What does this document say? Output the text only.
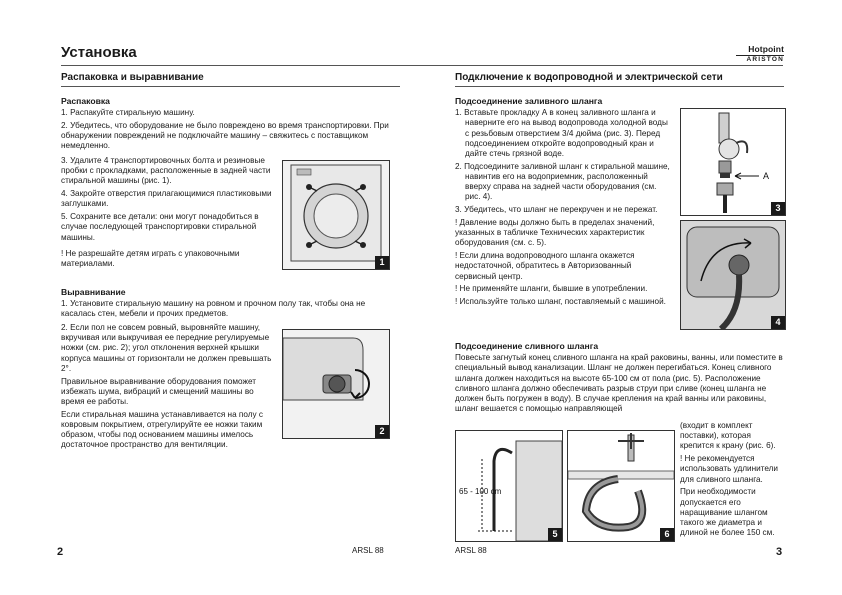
Установка	Hotpoint
ARISTON
Распаковка и выравнивание
Распаковка

1. Распакуйте стиральную машину.

2. Убедитесь, что оборудование не было повреждено во время транспортировки. При обнаружении повреждений не подключайте машину – свяжитесь с поставщиком немедленно.

3. Удалите 4 транспортировочных болта и резиновые пробки с прокладками, расположенные в задней части стиральной машины (рис. 1).

4. Закройте отверстия прилагающимися пластиковыми заглушками.

5. Сохраните все детали: они могут понадобиться в случае последующей транспортировки стиральной машины.

! Не разрешайте детям играть с упаковочными материалами.	1
Выравнивание

1. Установите стиральную машину на ровном и прочном полу так, чтобы она не касалась стен, мебели и прочих предметов.

2. Если пол не совсем ровный, выровняйте машину, вкручивая или выкручивая ее передние регулируемые ножки (см. рис. 2); угол отклонения верхней крышки корпуса машины от горизонтали не должен превышать 2°.

Правильное выравнивание оборудования поможет избежать шума, вибраций и смещений машины во время ее работы.

Если стиральная машина устанавливается на полу с ковровым покрытием, отрегулируйте ее ножки таким образом, чтобы под основанием машины имелось достаточное пространство для вентиляции.

2
2	ARSL 88
Подключение к водопроводной и электрической сети
Подсоединение заливного шланга

1. Вставьте прокладку А в конец заливного шланга и наверните его на вывод водопровода холодной воды с резьбовым отверстием 3/4 дюйма (рис. 3). Перед подсоединением откройте водопроводный кран и дайте стечь грязной воде.

2. Подсоедините заливной шланг к стиральной машине, навинтив его на водоприемник, расположенный вверху справа на задней части оборудования (см. рис. 4).

3. Убедитесь, что шланг не перекручен и не пережат.

! Давление воды должно быть в пределах значений, указанных в табличке Технических характеристик оборудования (см. с. 5).

! Если длина водопроводного шланга окажется недостаточной, обратитесь в Авторизованный сервисный центр.

! Не применяйте шланги, бывшие в употреблении.

! Используйте только шланг, поставляемый с машиной.

A
3
4
Подсоединение сливного шланга

Повесьте загнутый конец сливного шланга на край раковины, ванны, или поместите в специальный вывод канализации. Шланг не должен перегибаться. Конец сливного шланга должен находиться на высоте 65-100 см от пола (рис. 5). Расположение сливного шланга должно обеспечивать разрыв струи при сливе (конец шланга не должен быть погружен в воду). В случае крепления на край ванны или раковины, шланг вешается с помощью направляющей

(входит в комплект поставки), которая крепится к крану (рис. 6).

! Не рекомендуется использовать удлинители для сливного шланга.

При необходимости допускается его наращивание шлангом такого же диаметра и длиной не более 150 см.

65 - 100 cm
5	6
ARSL 88	3
